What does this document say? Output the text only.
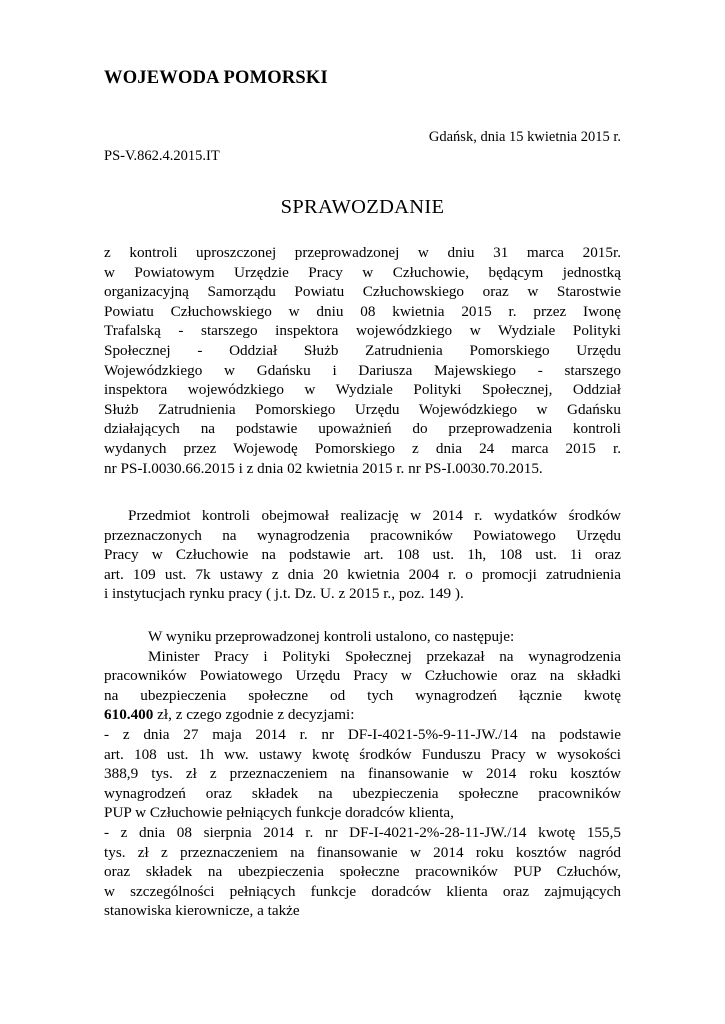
WOJEWODA POMORSKI
Gdańsk, dnia 15 kwietnia 2015 r.
PS-V.862.4.2015.IT
SPRAWOZDANIE
z kontroli uproszczonej przeprowadzonej w dniu 31 marca 2015r.
w Powiatowym Urzędzie Pracy w Człuchowie, będącym jednostką
organizacyjną Samorządu Powiatu Człuchowskiego oraz w Starostwie
Powiatu Człuchowskiego w dniu 08 kwietnia 2015 r. przez Iwonę
Trafalską - starszego inspektora wojewódzkiego w Wydziale Polityki
Społecznej - Oddział Służb Zatrudnienia Pomorskiego Urzędu
Wojewódzkiego w Gdańsku i Dariusza Majewskiego - starszego
inspektora wojewódzkiego w Wydziale Polityki Społecznej, Oddział
Służb Zatrudnienia Pomorskiego Urzędu Wojewódzkiego w Gdańsku
działających na podstawie upoważnień do przeprowadzenia kontroli
wydanych przez Wojewodę Pomorskiego z dnia 24 marca 2015 r.
nr PS-I.0030.66.2015 i z dnia 02 kwietnia 2015 r. nr PS-I.0030.70.2015.
Przedmiot kontroli obejmował realizację w 2014 r. wydatków środków
przeznaczonych na wynagrodzenia pracowników Powiatowego Urzędu
Pracy w Człuchowie na podstawie art. 108 ust. 1h, 108 ust. 1i oraz
art. 109 ust. 7k ustawy z dnia 20 kwietnia 2004 r. o promocji zatrudnienia
i instytucjach rynku pracy ( j.t. Dz. U. z 2015 r., poz. 149 ).
W wyniku przeprowadzonej kontroli ustalono, co następuje:
Minister Pracy i Polityki Społecznej przekazał na wynagrodzenia
pracowników Powiatowego Urzędu Pracy w Człuchowie oraz na składki
na ubezpieczenia społeczne od tych wynagrodzeń łącznie kwotę
610.400 zł, z czego zgodnie z decyzjami:
- z dnia 27 maja 2014 r. nr DF-I-4021-5%-9-11-JW./14 na podstawie
art. 108 ust. 1h ww. ustawy kwotę środków Funduszu Pracy w wysokości
388,9 tys. zł z przeznaczeniem na finansowanie w 2014 roku kosztów
wynagrodzeń oraz składek na ubezpieczenia społeczne pracowników
PUP w Człuchowie pełniących funkcje doradców klienta,
- z dnia 08 sierpnia 2014 r. nr DF-I-4021-2%-28-11-JW./14 kwotę 155,5
tys. zł z przeznaczeniem na finansowanie w 2014 roku kosztów nagród
oraz składek na ubezpieczenia społeczne pracowników PUP Człuchów,
w szczególności pełniących funkcje doradców klienta oraz zajmujących
stanowiska kierownicze, a także
